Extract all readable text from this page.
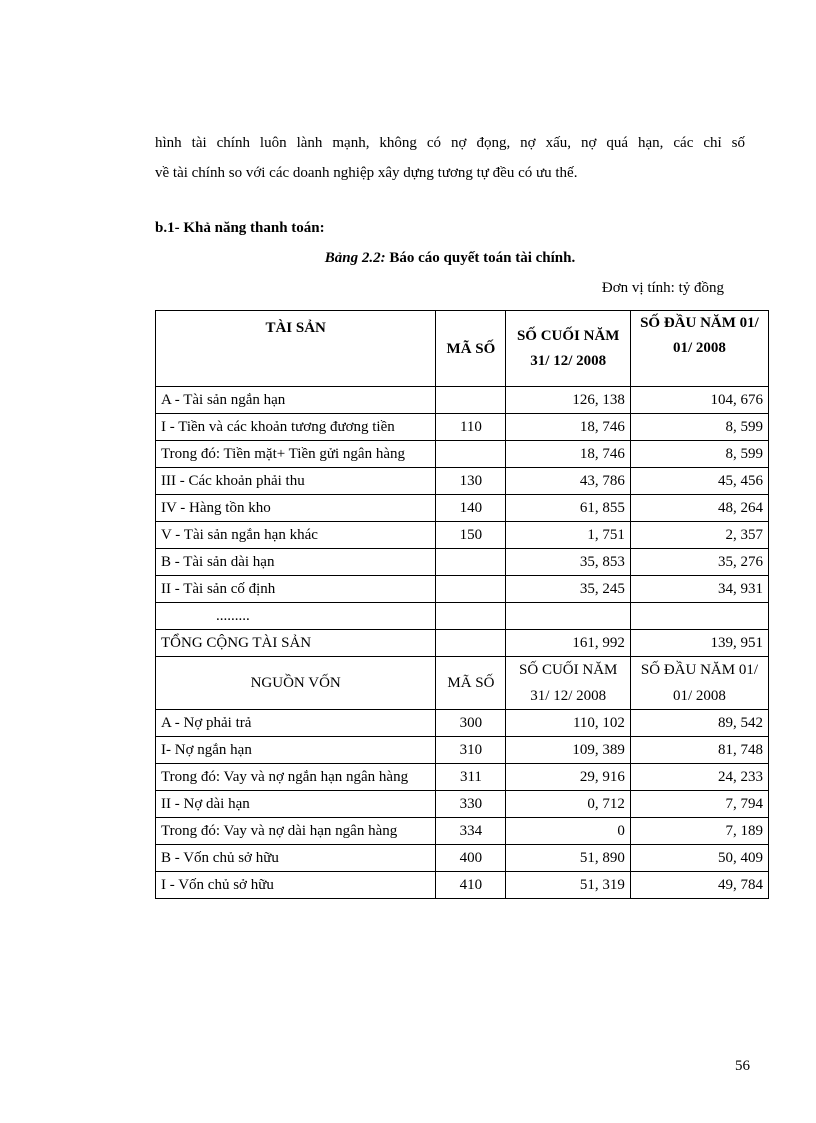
hình tài chính luôn lành mạnh, không có nợ đọng, nợ xấu, nợ quá hạn, các chỉ số
về tài chính so với các doanh nghiệp xây dựng tương tự đều có ưu thế.
b.1- Khả năng thanh toán:
Bảng 2.2: Báo cáo quyết toán tài chính.
Đơn vị tính: tỷ đồng
TÀI SẢN	MÃ SỐ	SỐ CUỐI NĂM 31/ 12/ 2008	SỐ ĐẦU NĂM 01/ 01/ 2008
A - Tài sản ngắn hạn		126, 138	104, 676
I - Tiền và các khoản tương đương tiền	110	18, 746	8, 599
Trong đó: Tiền mặt+ Tiền gửi ngân hàng		18, 746	8, 599
III - Các khoản phải thu	130	43, 786	45, 456
IV - Hàng tồn kho	140	61, 855	48, 264
V - Tài sản ngắn hạn khác	150	1, 751	2, 357
B - Tài sản dài hạn		35, 853	35, 276
II - Tài sản cố định		35, 245	34, 931
.........			
TỔNG CỘNG TÀI SẢN		161, 992	139, 951
NGUỒN VỐN	MÃ SỐ	SỐ CUỐI NĂM 31/ 12/ 2008	SỐ ĐẦU NĂM 01/ 01/ 2008
A - Nợ phải trả	300	110, 102	89, 542
I- Nợ ngắn hạn	310	109, 389	81, 748
Trong đó: Vay và nợ ngắn hạn ngân hàng	311	29, 916	24, 233
II - Nợ dài hạn	330	0, 712	7, 794
Trong đó: Vay và nợ dài hạn ngân hàng	334	0	7, 189
B - Vốn chủ sở hữu	400	51, 890	50, 409
I - Vốn chủ sở hữu	410	51, 319	49, 784
56
